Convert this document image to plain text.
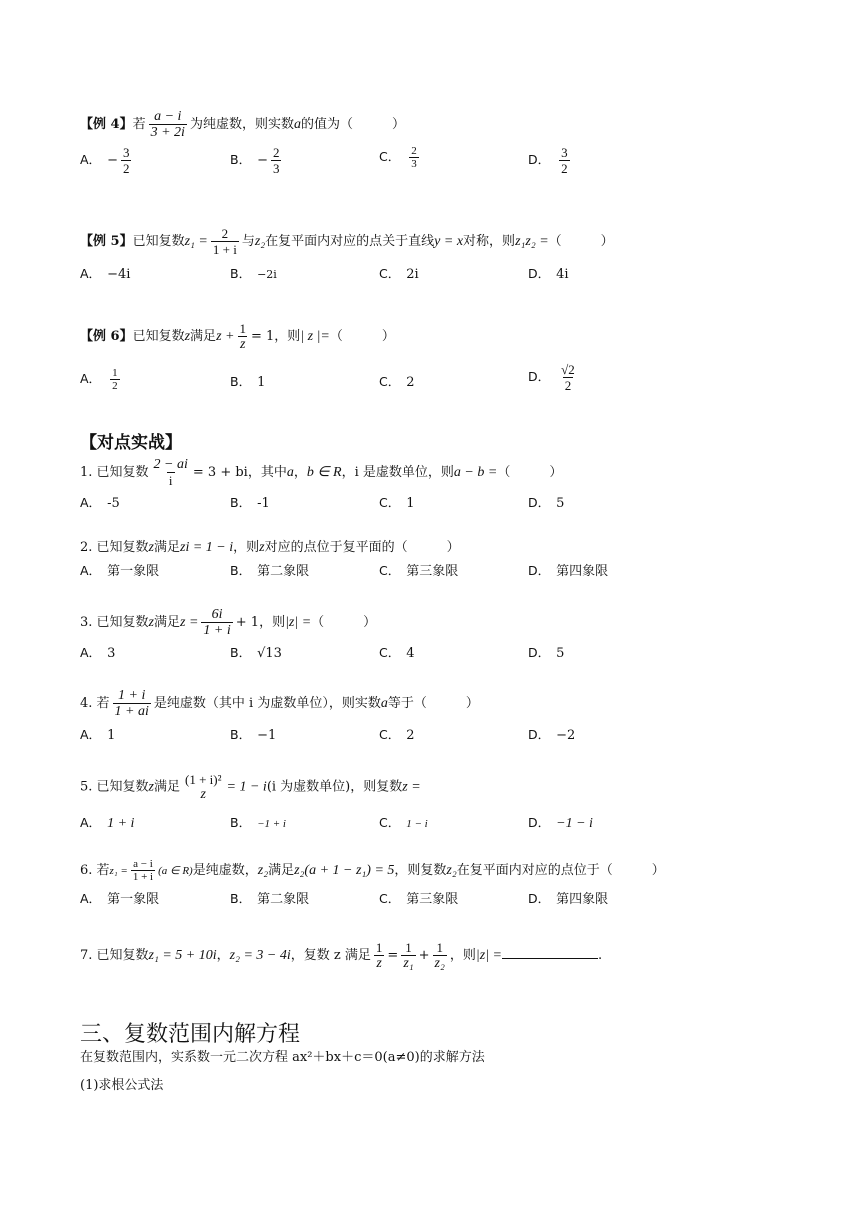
【例 4】若 $\frac{a - i}{3 + 2i}$ 为纯虚数，则实数a的值为（　　　）
A． − $\frac{3}{2}$	B． − $\frac{2}{3}$	C． $\frac{2}{3}$	D． $\frac{3}{2}$
【例 5】已知复数$z_1 = \frac{2}{1 + i}$ 与z₂在复平面内对应的点关于直线y = x对称，则z₁z₂ =（　　　）
A． −4i	B． −2i	C． 2i	D． 4i
【例 6】已知复数z满足$z + \frac{1}{z} = 1$，则| z |=（　　　）
A． $\frac{1}{2}$	B． 1	C． 2	D． $\frac{√2}{2}$
【对点实战】
1. 已知复数 $\frac{2 - ai}{i} = 3$ + bi，其中a，b ∈ R，i 是虚数单位，则a − b =（　　　）
A． -5	B． -1	C． 1	D． 5
2. 已知复数z满足zi = 1 − i，则z对应的点位于复平面的（　　　）
A． 第一象限	B． 第二象限	C． 第三象限	D． 第四象限
3. 已知复数z满足$z = \frac{6i}{1 + i} + 1$，则|z| =（　　　）
A． 3	B． √13	C． 4	D． 5
4. 若 $\frac{1 + i}{1 + ai}$ 是纯虚数（其中 i 为虚数单位），则实数a等于（　　　）
A． 1	B． −1	C． 2	D． −2
5. 已知复数z满足 (1 + i)²
z = 1 − i(i 为虚数单位)，则复数z =
A． 1 + i	B． −1 + i	C． 1 − i	D． −1 − i
6. 若$z_1 = \frac{a - i}{1 + i} (a$ ∈ R)是纯虚数，z₂满足z₂(a + 1 − z₁) = 5，则复数z₂在复平面内对应的点位于（　　　）
A． 第一象限	B． 第二象限	C． 第三象限	D． 第四象限
7. 已知复数z₁ = 5 + 10i，z₂ = 3 − 4i，复数 z 满足 $\frac{1}{z} = \frac{1}{\text{z₁}} + \frac{1}{\text{z₂}}$ ，则|z| =	.
三、复数范围内解方程
在复数范围内，实系数一元二次方程 ax²＋bx＋c＝0(a≠0)的求解方法
(1)求根公式法
